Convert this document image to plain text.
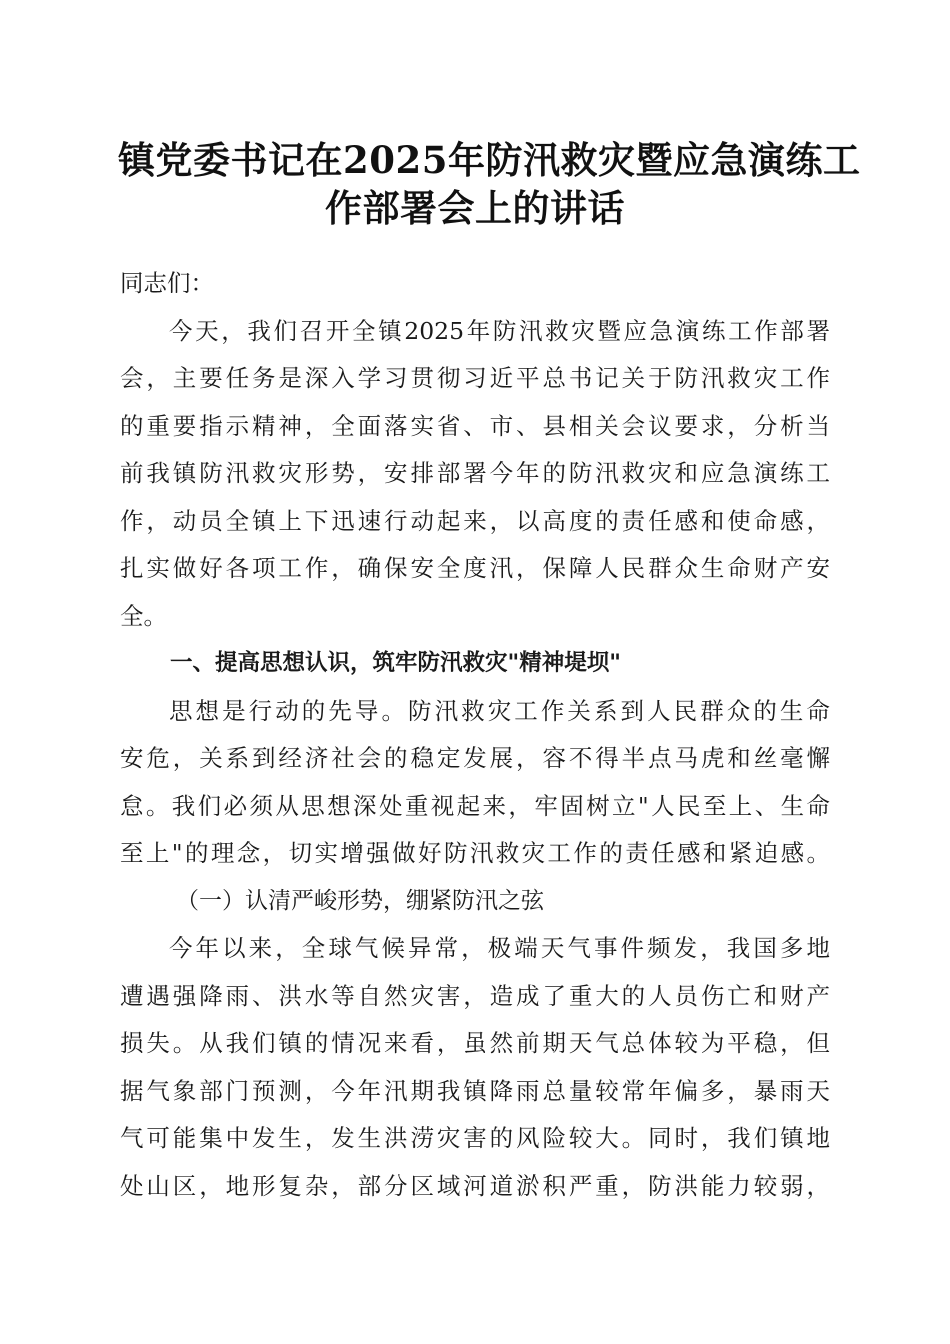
镇党委书记在2025年防汛救灾暨应急演练工
作部署会上的讲话
同志们：
今天，我们召开全镇2025年防汛救灾暨应急演练工作部署
会，主要任务是深入学习贯彻习近平总书记关于防汛救灾工作
的重要指示精神，全面落实省、市、县相关会议要求，分析当
前我镇防汛救灾形势，安排部署今年的防汛救灾和应急演练工
作，动员全镇上下迅速行动起来，以高度的责任感和使命感，
扎实做好各项工作，确保安全度汛，保障人民群众生命财产安
全。
一、提高思想认识，筑牢防汛救灾"精神堤坝"
思想是行动的先导。防汛救灾工作关系到人民群众的生命
安危，关系到经济社会的稳定发展，容不得半点马虎和丝毫懈
怠。我们必须从思想深处重视起来，牢固树立"人民至上、生命
至上"的理念，切实增强做好防汛救灾工作的责任感和紧迫感。
（一）认清严峻形势，绷紧防汛之弦
今年以来，全球气候异常，极端天气事件频发，我国多地
遭遇强降雨、洪水等自然灾害，造成了重大的人员伤亡和财产
损失。从我们镇的情况来看，虽然前期天气总体较为平稳，但
据气象部门预测，今年汛期我镇降雨总量较常年偏多，暴雨天
气可能集中发生，发生洪涝灾害的风险较大。同时，我们镇地
处山区，地形复杂，部分区域河道淤积严重，防洪能力较弱，
